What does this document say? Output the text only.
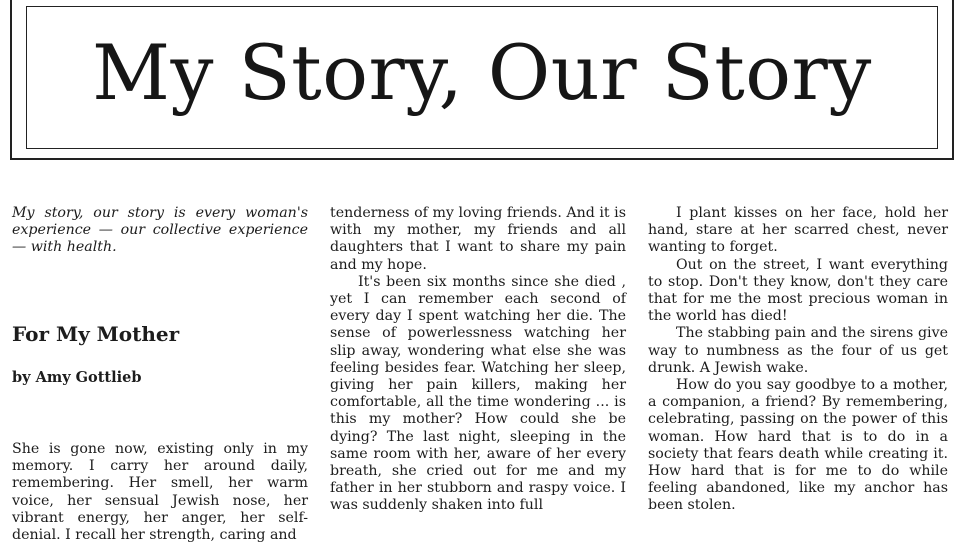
My Story, Our Story

My story, our story is every woman's experience — our collective experience — with health.

For My Mother

by Amy Gottlieb

She is gone now, existing only in my memory. I carry her around daily, remembering. Her smell, her warm voice, her sensual Jewish nose, her vibrant energy, her anger, her self-denial. I recall her strength, caring and

tenderness of my loving friends. And it is with my mother, my friends and all daughters that I want to share my pain and my hope.

It's been six months since she died , yet I can remember each second of every day I spent watching her die. The sense of powerlessness watching her slip away, wondering what else she was feeling besides fear. Watching her sleep, giving her pain killers, making her comfortable, all the time wondering ... is this my mother? How could she be dying? The last night, sleeping in the same room with her, aware of her every breath, she cried out for me and my father in her stubborn and raspy voice. I was suddenly shaken into full

I plant kisses on her face, hold her hand, stare at her scarred chest, never wanting to forget.

Out on the street, I want everything to stop. Don't they know, don't they care that for me the most precious woman in the world has died!

The stabbing pain and the sirens give way to numbness as the four of us get drunk. A Jewish wake.

How do you say goodbye to a mother, a companion, a friend? By remembering, celebrating, passing on the power of this woman. How hard that is to do in a society that fears death while creating it. How hard that is for me to do while feeling abandoned, like my anchor has been stolen.
